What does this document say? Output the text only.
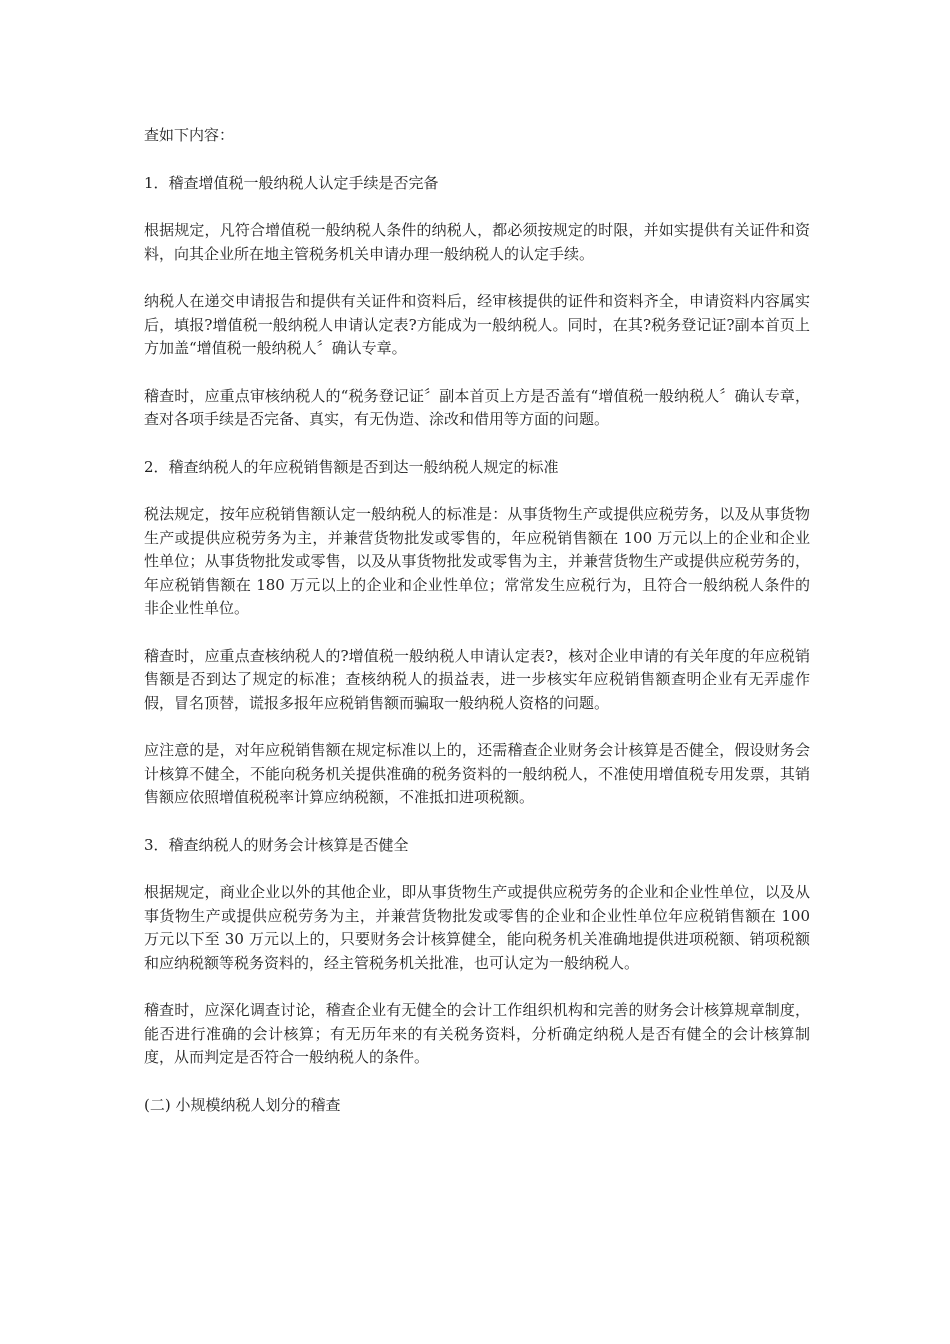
查如下内容：

1．稽查增值税一般纳税人认定手续是否完备

根据规定，凡符合增值税一般纳税人条件的纳税人，都必须按规定的时限，并如实提供有关证件和资料，向其企业所在地主管税务机关申请办理一般纳税人的认定手续。

纳税人在递交申请报告和提供有关证件和资料后，经审核提供的证件和资料齐全，申请资料内容属实后，填报?增值税一般纳税人申请认定表?方能成为一般纳税人。同时，在其?税务登记证?副本首页上方加盖“增值税一般纳税人〞确认专章。

稽查时，应重点审核纳税人的“税务登记证〞副本首页上方是否盖有“增值税一般纳税人〞确认专章，查对各项手续是否完备、真实，有无伪造、涂改和借用等方面的问题。

2．稽查纳税人的年应税销售额是否到达一般纳税人规定的标准

税法规定，按年应税销售额认定一般纳税人的标准是：从事货物生产或提供应税劳务，以及从事货物生产或提供应税劳务为主，并兼营货物批发或零售的，年应税销售额在 100 万元以上的企业和企业性单位；从事货物批发或零售，以及从事货物批发或零售为主，并兼营货物生产或提供应税劳务的，年应税销售额在 180 万元以上的企业和企业性单位；常常发生应税行为，且符合一般纳税人条件的非企业性单位。

稽查时，应重点查核纳税人的?增值税一般纳税人申请认定表?，核对企业申请的有关年度的年应税销售额是否到达了规定的标准；查核纳税人的损益表，进一步核实年应税销售额查明企业有无弄虚作假，冒名顶替，谎报多报年应税销售额而骗取一般纳税人资格的问题。

应注意的是，对年应税销售额在规定标准以上的，还需稽查企业财务会计核算是否健全，假设财务会计核算不健全，不能向税务机关提供准确的税务资料的一般纳税人，不准使用增值税专用发票，其销售额应依照增值税税率计算应纳税额，不准抵扣进项税额。

3．稽查纳税人的财务会计核算是否健全

根据规定，商业企业以外的其他企业，即从事货物生产或提供应税劳务的企业和企业性单位，以及从事货物生产或提供应税劳务为主，并兼营货物批发或零售的企业和企业性单位年应税销售额在 100 万元以下至 30 万元以上的，只要财务会计核算健全，能向税务机关准确地提供进项税额、销项税额和应纳税额等税务资料的，经主管税务机关批准，也可认定为一般纳税人。

稽查时，应深化调查讨论，稽查企业有无健全的会计工作组织机构和完善的财务会计核算规章制度，能否进行准确的会计核算；有无历年来的有关税务资料，分析确定纳税人是否有健全的会计核算制度，从而判定是否符合一般纳税人的条件。

(二) 小规模纳税人划分的稽查
